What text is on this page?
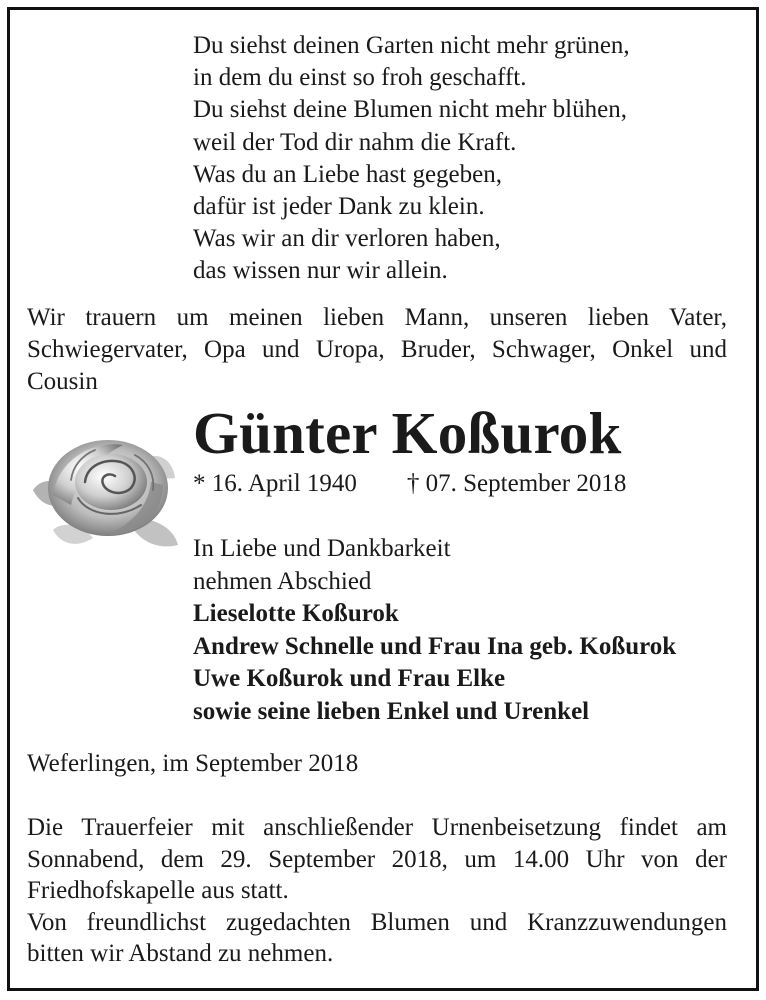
Du siehst deinen Garten nicht mehr grünen,
in dem du einst so froh geschafft.
Du siehst deine Blumen nicht mehr blühen,
weil der Tod dir nahm die Kraft.
Was du an Liebe hast gegeben,
dafür ist jeder Dank zu klein.
Was wir an dir verloren haben,
das wissen nur wir allein.
Wir trauern um meinen lieben Mann, unseren lieben Vater, Schwiegervater, Opa und Uropa, Bruder, Schwager, Onkel und Cousin
Günter Koßurok
* 16. April 1940 † 07. September 2018
In Liebe und Dankbarkeit
nehmen Abschied
Lieselotte Koßurok
Andrew Schnelle und Frau Ina geb. Koßurok
Uwe Koßurok und Frau Elke
sowie seine lieben Enkel und Urenkel
Weferlingen, im September 2018
Die Trauerfeier mit anschließender Urnenbeisetzung findet am
Sonnabend, dem 29. September 2018, um 14.00 Uhr von der
Friedhofskapelle aus statt.
Von freundlichst zugedachten Blumen und Kranzzuwendungen
bitten wir Abstand zu nehmen.
